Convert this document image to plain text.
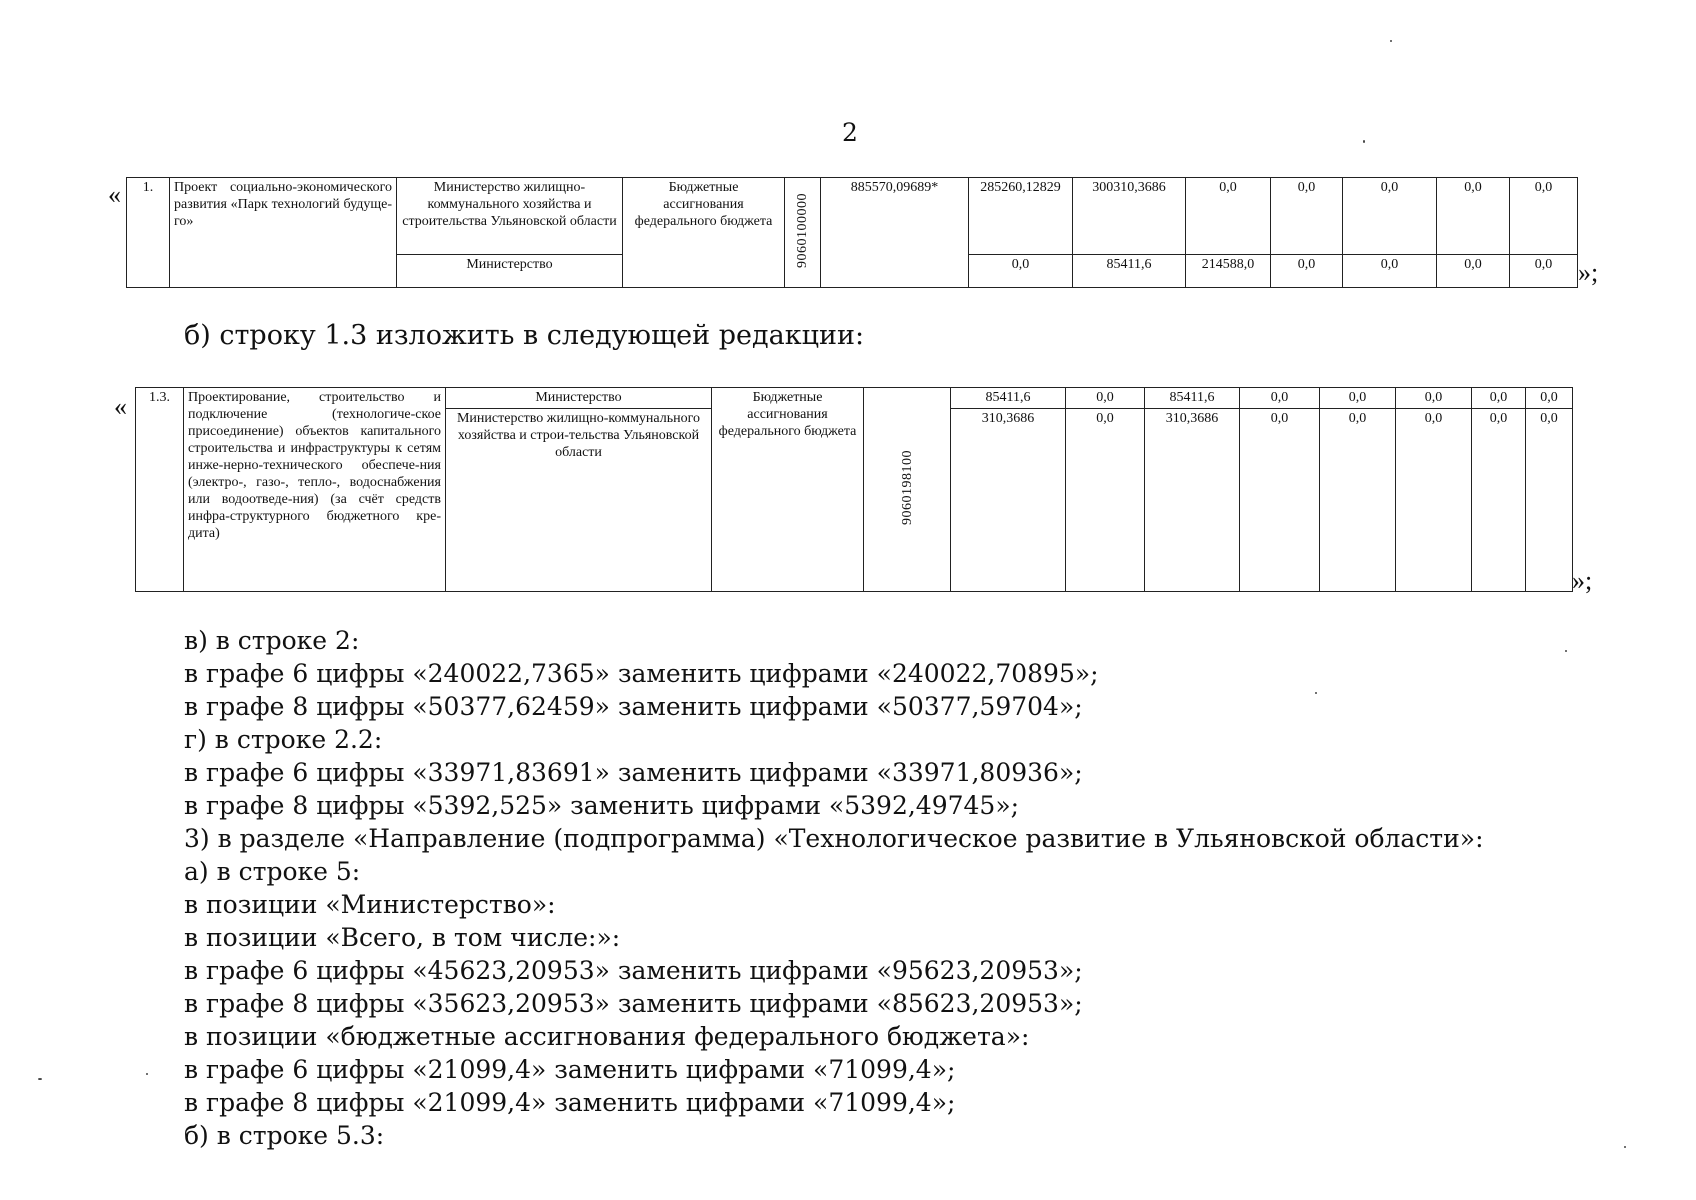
2
« 1.	Проект социально-экономического развития «Парк технологий будуще-го»	Министерство жилищно-коммунального хозяйства и строительства Ульяновской области	Бюджетные ассигнования федерального бюджета	9060100000	885570,09689*	285260,12829	300310,3686	0,0	0,0	0,0	0,0	0,0
		Министерство				0,0	85411,6	214588,0	0,0	0,0	0,0	0,0 »;
б) строку 1.3 изложить в следующей редакции:
« 1.3.	Проектирование, строительство и подключение (технологиче-ское присоединение) объектов капитального строительства и инфраструктуры к сетям инже-нерно-технического обеспече-ния (электро-, газо-, тепло-, водоснабжения или водоотведе-ния) (за счёт средств инфра-структурного бюджетного кре-дита)	Министерство	Бюджетные ассигнования федерального бюджета	9060198100	85411,6	0,0	85411,6	0,0	0,0	0,0	0,0	0,0
		Министерство жилищно-коммунального хозяйства и строи-тельства Ульяновской области			310,3686	0,0	310,3686	0,0	0,0	0,0	0,0	0,0
»;
в) в строке 2:
в графе 6 цифры «240022,7365» заменить цифрами «240022,70895»;
в графе 8 цифры «50377,62459» заменить цифрами «50377,59704»;
г) в строке 2.2:
в графе 6 цифры «33971,83691» заменить цифрами «33971,80936»;
в графе 8 цифры «5392,525» заменить цифрами «5392,49745»;
3) в разделе «Направление (подпрограмма) «Технологическое развитие в Ульяновской области»:
а) в строке 5:
в позиции «Министерство»:
в позиции «Всего, в том числе:»:
в графе 6 цифры «45623,20953» заменить цифрами «95623,20953»;
в графе 8 цифры «35623,20953» заменить цифрами «85623,20953»;
в позиции «бюджетные ассигнования федерального бюджета»:
в графе 6 цифры «21099,4» заменить цифрами «71099,4»;
в графе 8 цифры «21099,4» заменить цифрами «71099,4»;
б) в строке 5.3:
